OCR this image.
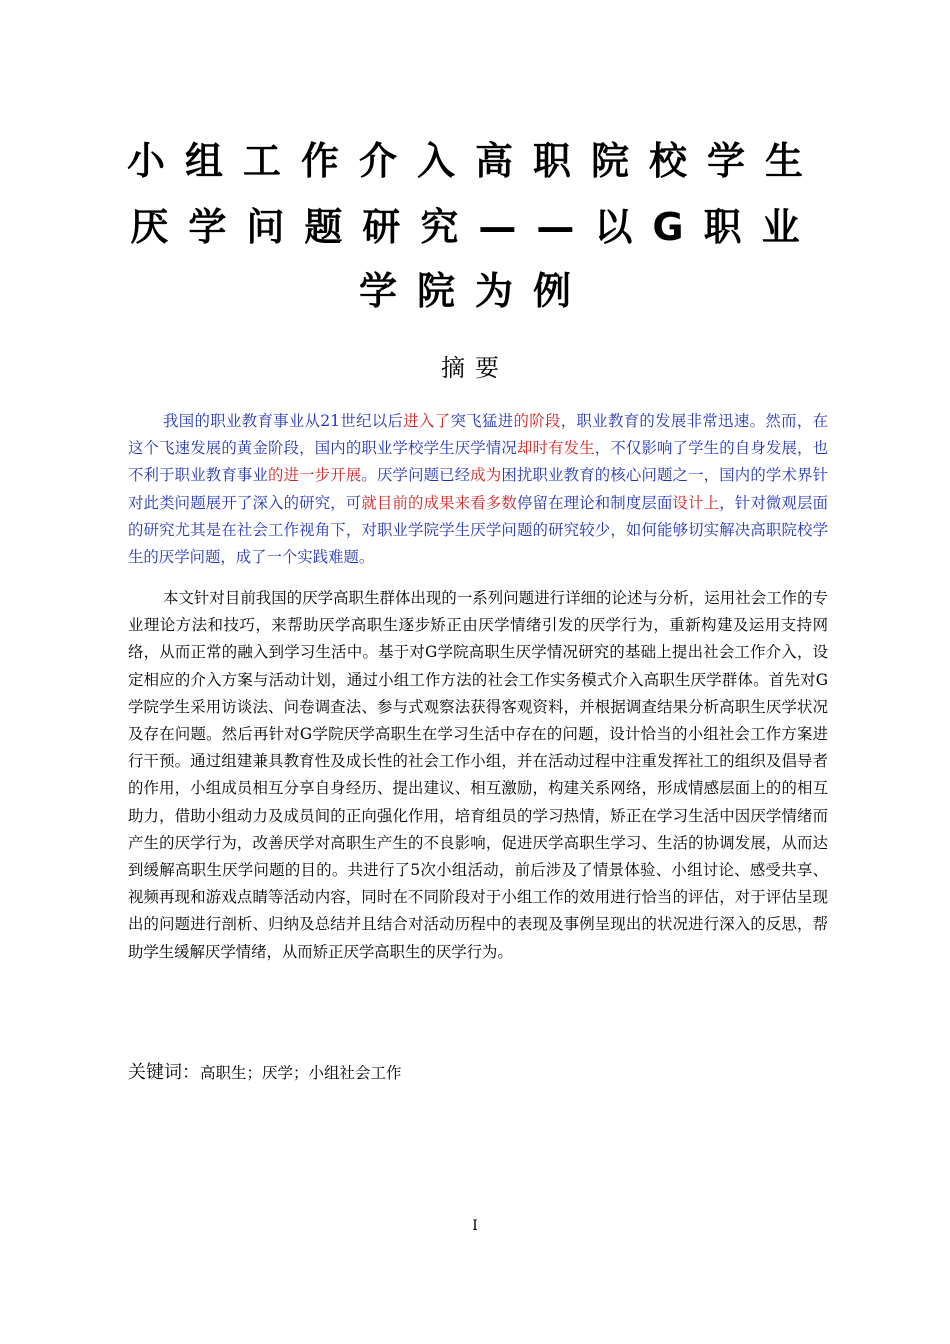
小组工作介入高职院校学生
厌学问题研究——以G职业
学院为例
摘要

我国的职业教育事业从21世纪以后进入了突飞猛进的阶段，职业教育的发展非常迅速。然而，在这个飞速发展的黄金阶段，国内的职业学校学生厌学情况却时有发生，不仅影响了学生的自身发展，也不利于职业教育事业的进一步开展。厌学问题已经成为困扰职业教育的核心问题之一，国内的学术界针对此类问题展开了深入的研究，可就目前的成果来看多数停留在理论和制度层面设计上，针对微观层面的研究尤其是在社会工作视角下，对职业学院学生厌学问题的研究较少，如何能够切实解决高职院校学生的厌学问题，成了一个实践难题。

本文针对目前我国的厌学高职生群体出现的一系列问题进行详细的论述与分析，运用社会工作的专业理论方法和技巧，来帮助厌学高职生逐步矫正由厌学情绪引发的厌学行为，重新构建及运用支持网络，从而正常的融入到学习生活中。基于对G学院高职生厌学情况研究的基础上提出社会工作介入，设定相应的介入方案与活动计划，通过小组工作方法的社会工作实务模式介入高职生厌学群体。首先对G学院学生采用访谈法、问卷调查法、参与式观察法获得客观资料，并根据调查结果分析高职生厌学状况及存在问题。然后再针对G学院厌学高职生在学习生活中存在的问题，设计恰当的小组社会工作方案进行干预。通过组建兼具教育性及成长性的社会工作小组，并在活动过程中注重发挥社工的组织及倡导者的作用，小组成员相互分享自身经历、提出建议、相互激励，构建关系网络，形成情感层面上的的相互助力，借助小组动力及成员间的正向强化作用，培育组员的学习热情，矫正在学习生活中因厌学情绪而产生的厌学行为，改善厌学对高职生产生的不良影响，促进厌学高职生学习、生活的协调发展，从而达到缓解高职生厌学问题的目的。共进行了5次小组活动，前后涉及了情景体验、小组讨论、感受共享、视频再现和游戏点睛等活动内容，同时在不同阶段对于小组工作的效用进行恰当的评估，对于评估呈现出的问题进行剖析、归纳及总结并且结合对活动历程中的表现及事例呈现出的状况进行深入的反思，帮助学生缓解厌学情绪，从而矫正厌学高职生的厌学行为。

关键词：高职生；厌学；小组社会工作
I
